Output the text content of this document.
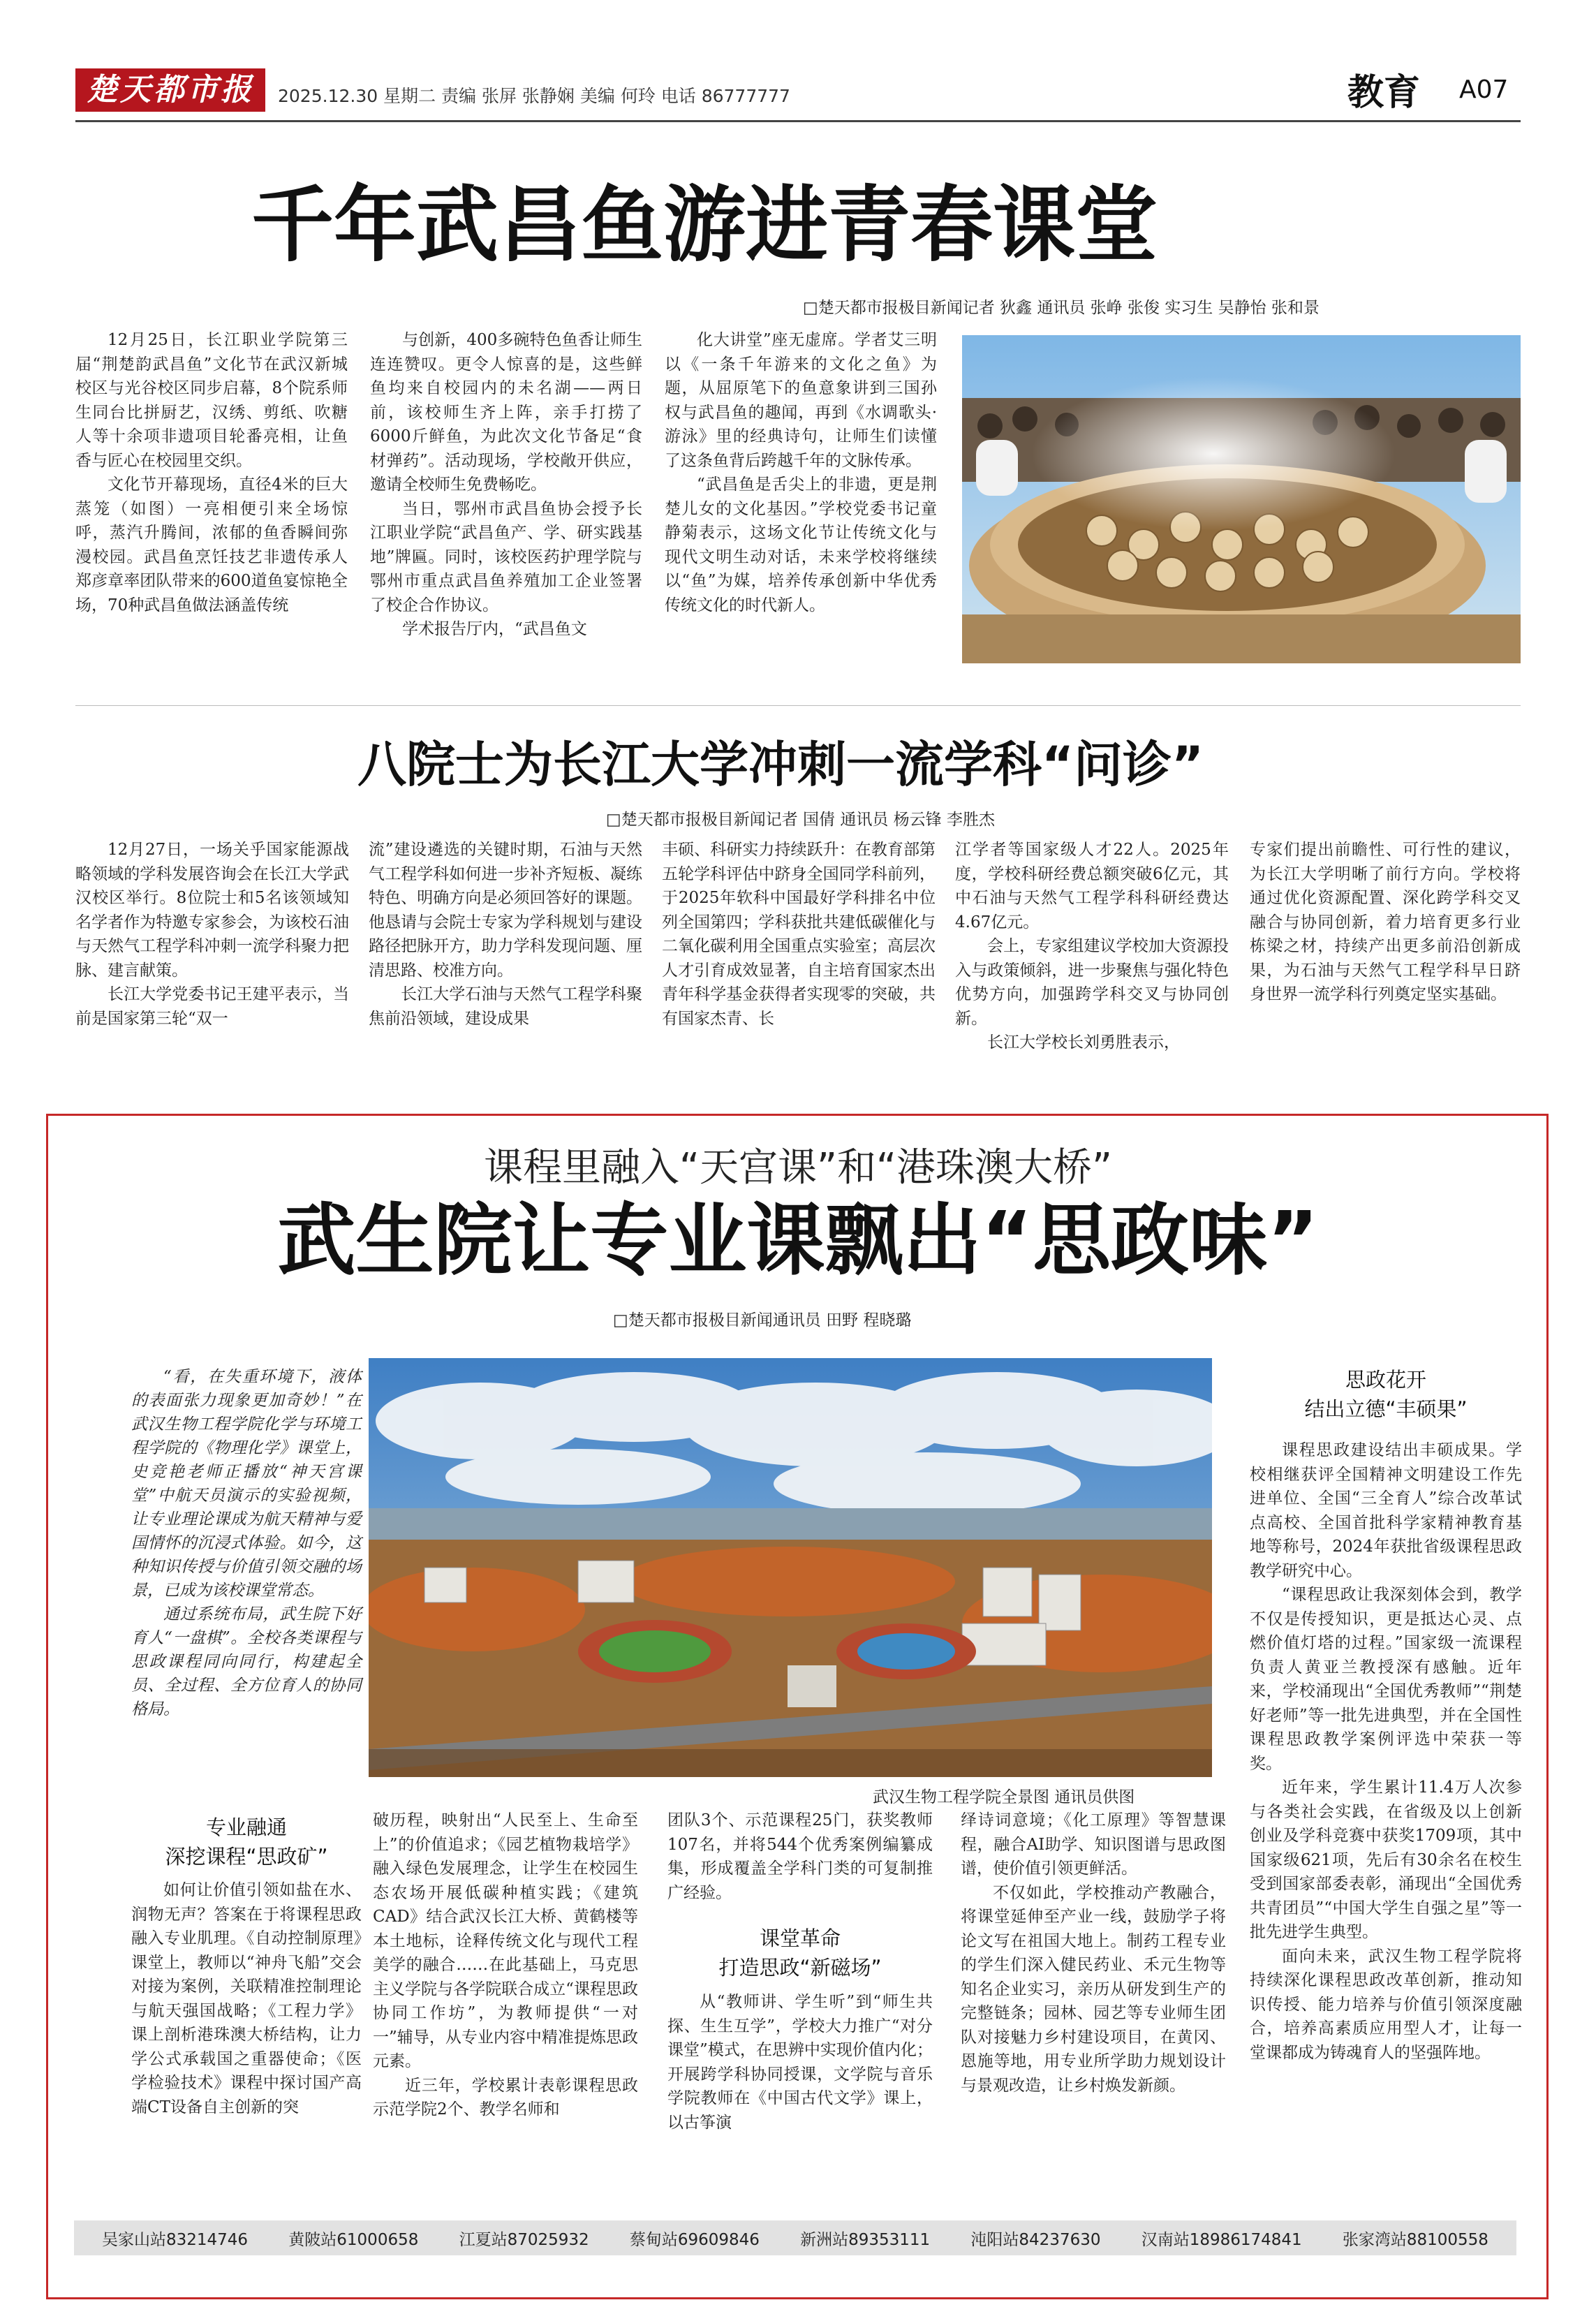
楚天都市报	2025.12.30 星期二 责编 张屏 张静娴 美编 何玲 电话 86777777	教育 A07
千年武昌鱼游进青春课堂
□楚天都市报极目新闻记者 狄鑫 通讯员 张峥 张俊 实习生 吴静怡 张和景

12月25日，长江职业学院第三届“荆楚韵武昌鱼”文化节在武汉新城校区与光谷校区同步启幕，8个院系师生同台比拼厨艺，汉绣、剪纸、吹糖人等十余项非遗项目轮番亮相，让鱼香与匠心在校园里交织。

文化节开幕现场，直径4米的巨大蒸笼（如图）一亮相便引来全场惊呼，蒸汽升腾间，浓郁的鱼香瞬间弥漫校园。武昌鱼烹饪技艺非遗传承人郑彦章率团队带来的600道鱼宴惊艳全场，70种武昌鱼做法涵盖传统

与创新，400多碗特色鱼香让师生连连赞叹。更令人惊喜的是，这些鲜鱼均来自校园内的未名湖——两日前，该校师生齐上阵，亲手打捞了6000斤鲜鱼，为此次文化节备足“食材弹药”。活动现场，学校敞开供应，邀请全校师生免费畅吃。

当日，鄂州市武昌鱼协会授予长江职业学院“武昌鱼产、学、研实践基地”牌匾。同时，该校医药护理学院与鄂州市重点武昌鱼养殖加工企业签署了校企合作协议。

学术报告厅内，“武昌鱼文

化大讲堂”座无虚席。学者艾三明以《一条千年游来的文化之鱼》为题，从屈原笔下的鱼意象讲到三国孙权与武昌鱼的趣闻，再到《水调歌头·游泳》里的经典诗句，让师生们读懂了这条鱼背后跨越千年的文脉传承。

“武昌鱼是舌尖上的非遗，更是荆楚儿女的文化基因。”学校党委书记童静菊表示，这场文化节让传统文化与现代文明生动对话，未来学校将继续以“鱼”为媒，培养传承创新中华优秀传统文化的时代新人。

八院士为长江大学冲刺一流学科“问诊”
□楚天都市报极目新闻记者 国倩 通讯员 杨云锋 李胜杰

12月27日，一场关乎国家能源战略领域的学科发展咨询会在长江大学武汉校区举行。8位院士和5名该领域知名学者作为特邀专家参会，为该校石油与天然气工程学科冲刺一流学科聚力把脉、建言献策。

长江大学党委书记王建平表示，当前是国家第三轮“双一

流”建设遴选的关键时期，石油与天然气工程学科如何进一步补齐短板、凝练特色、明确方向是必须回答好的课题。他恳请与会院士专家为学科规划与建设路径把脉开方，助力学科发现问题、厘清思路、校准方向。

长江大学石油与天然气工程学科聚焦前沿领域，建设成果

丰硕、科研实力持续跃升：在教育部第五轮学科评估中跻身全国同学科前列，于2025年软科中国最好学科排名中位列全国第四；学科获批共建低碳催化与二氧化碳利用全国重点实验室；高层次人才引育成效显著，自主培育国家杰出青年科学基金获得者实现零的突破，共有国家杰青、长

江学者等国家级人才22人。2025年度，学校科研经费总额突破6亿元，其中石油与天然气工程学科科研经费达4.67亿元。

会上，专家组建议学校加大资源投入与政策倾斜，进一步聚焦与强化特色优势方向，加强跨学科交叉与协同创新。

长江大学校长刘勇胜表示，

专家们提出前瞻性、可行性的建议，为长江大学明晰了前行方向。学校将通过优化资源配置、深化跨学科交叉融合与协同创新，着力培育更多行业栋梁之材，持续产出更多前沿创新成果，为石油与天然气工程学科早日跻身世界一流学科行列奠定坚实基础。

课程里融入“天宫课”和“港珠澳大桥”
武生院让专业课飘出“思政味”
□楚天都市报极目新闻通讯员 田野 程晓璐

“看，在失重环境下，液体的表面张力现象更加奇妙！”在武汉生物工程学院化学与环境工程学院的《物理化学》课堂上，史竞艳老师正播放“神天宫课堂”中航天员演示的实验视频，让专业理论课成为航天精神与爱国情怀的沉浸式体验。如今，这种知识传授与价值引领交融的场景，已成为该校课堂常态。

通过系统布局，武生院下好育人“一盘棋”。全校各类课程与思政课程同向同行，构建起全员、全过程、全方位育人的协同格局。

武汉生物工程学院全景图 通讯员供图
专业融通
深挖课程“思政矿”

如何让价值引领如盐在水、润物无声？答案在于将课程思政融入专业肌理。《自动控制原理》课堂上，教师以“神舟飞船”交会对接为案例，关联精准控制理论与航天强国战略；《工程力学》课上剖析港珠澳大桥结构，让力学公式承载国之重器使命；《医学检验技术》课程中探讨国产高端CT设备自主创新的突

破历程，映射出“人民至上、生命至上”的价值追求；《园艺植物栽培学》融入绿色发展理念，让学生在校园生态农场开展低碳种植实践；《建筑CAD》结合武汉长江大桥、黄鹤楼等本土地标，诠释传统文化与现代工程美学的融合……在此基础上，马克思主义学院与各学院联合成立“课程思政协同工作坊”，为教师提供“一对一”辅导，从专业内容中精准提炼思政元素。

近三年，学校累计表彰课程思政示范学院2个、教学名师和

团队3个、示范课程25门，获奖教师107名，并将544个优秀案例编纂成集，形成覆盖全学科门类的可复制推广经验。

课堂革命
打造思政“新磁场”

从“教师讲、学生听”到“师生共探、生生互学”，学校大力推广“对分课堂”模式，在思辨中实现价值内化；开展跨学科协同授课，文学院与音乐学院教师在《中国古代文学》课上，以古筝演

绎诗词意境；《化工原理》等智慧课程，融合AI助学、知识图谱与思政图谱，使价值引领更鲜活。

不仅如此，学校推动产教融合，将课堂延伸至产业一线，鼓励学子将论文写在祖国大地上。制药工程专业的学生们深入健民药业、禾元生物等知名企业实习，亲历从研发到生产的完整链条；园林、园艺等专业师生团队对接魅力乡村建设项目，在黄冈、恩施等地，用专业所学助力规划设计与景观改造，让乡村焕发新颜。

思政花开
结出立德“丰硕果”

课程思政建设结出丰硕成果。学校相继获评全国精神文明建设工作先进单位、全国“三全育人”综合改革试点高校、全国首批科学家精神教育基地等称号，2024年获批省级课程思政教学研究中心。

“课程思政让我深刻体会到，教学不仅是传授知识，更是抵达心灵、点燃价值灯塔的过程。”国家级一流课程负责人黄亚兰教授深有感触。近年来，学校涌现出“全国优秀教师”“荆楚好老师”等一批先进典型，并在全国性课程思政教学案例评选中荣获一等奖。

近年来，学生累计11.4万人次参与各类社会实践，在省级及以上创新创业及学科竞赛中获奖1709项，其中国家级621项，先后有30余名在校生受到国家部委表彰，涌现出“全国优秀共青团员”“中国大学生自强之星”等一批先进学生典型。

面向未来，武汉生物工程学院将持续深化课程思政改革创新，推动知识传授、能力培养与价值引领深度融合，培养高素质应用型人才，让每一堂课都成为铸魂育人的坚强阵地。

吴家山站83214746	黄陂站61000658	江夏站87025932	蔡甸站69609846	新洲站89353111	沌阳站84237630	汉南站18986174841	张家湾站88100558
